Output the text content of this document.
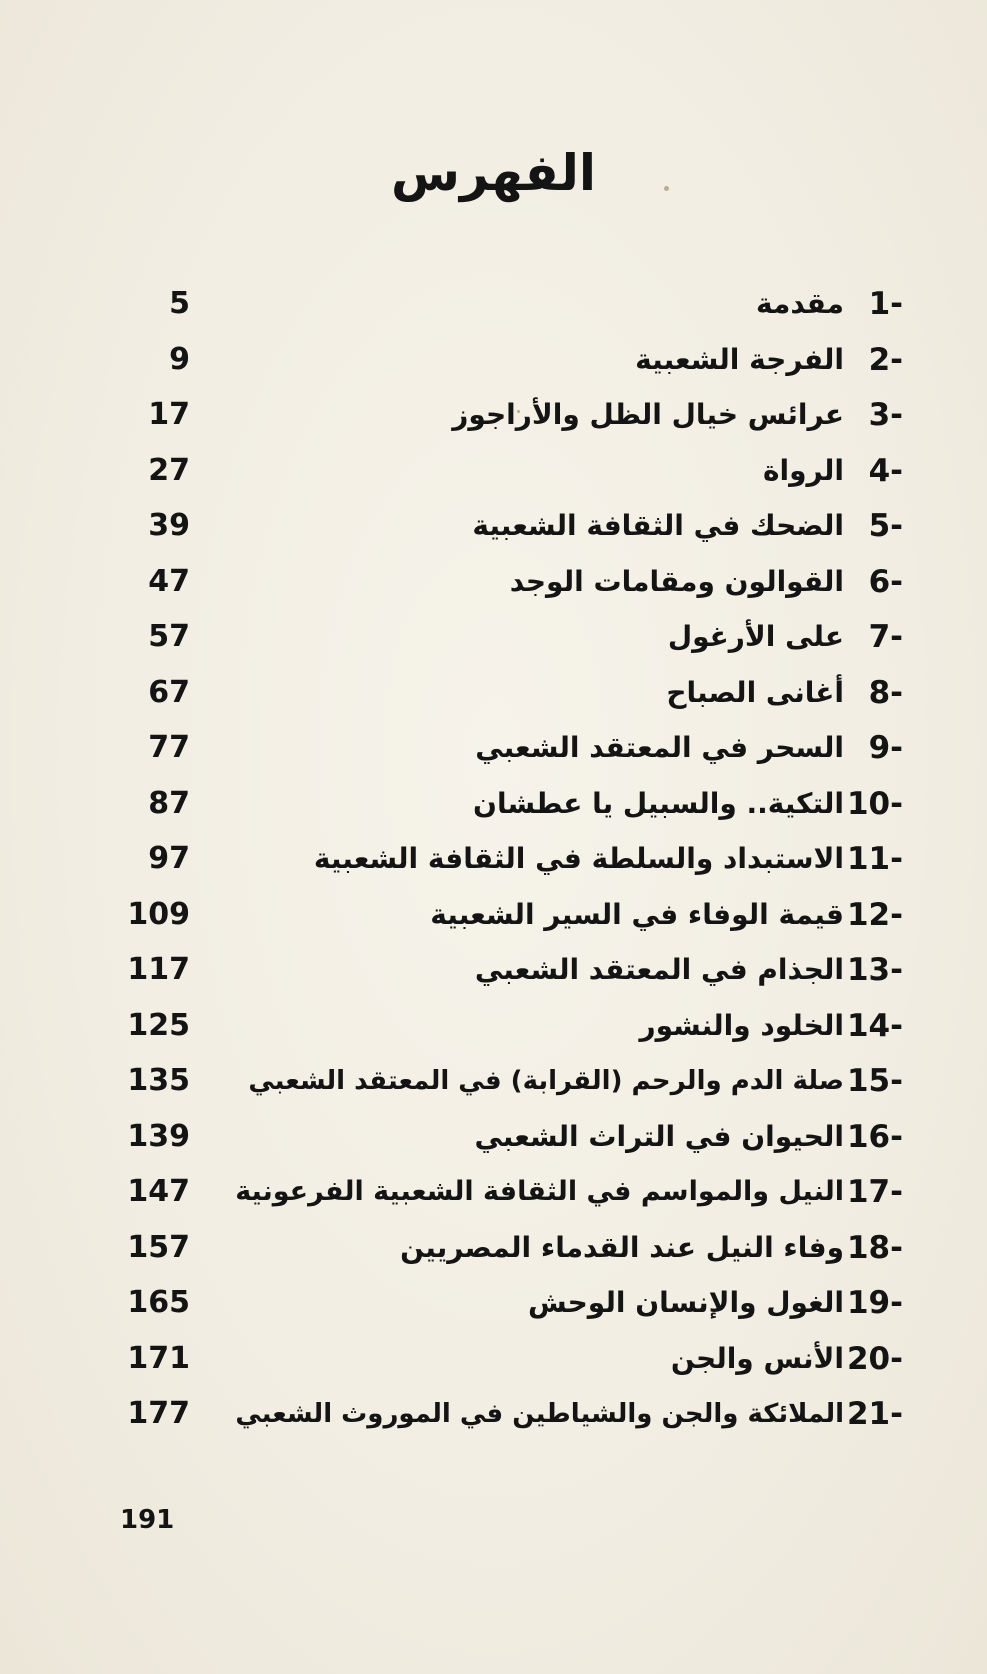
الفهرس
1-
مقدمة
5
2-
الفرجة الشعبية
9
3-
عرائس خيال الظل والأراجوز
17
4-
الرواة
27
5-
الضحك في الثقافة الشعبية
39
6-
القوالون ومقامات الوجد
47
7-
على الأرغول
57
8-
أغانى الصباح
67
9-
السحر في المعتقد الشعبي
77
10-
التكية.. والسبيل يا عطشان
87
11-
الاستبداد والسلطة في الثقافة الشعبية
97
12-
قيمة الوفاء في السير الشعبية
109
13-
الجذام في المعتقد الشعبي
117
14-
الخلود والنشور
125
15-
صلة الدم والرحم (القرابة) في المعتقد الشعبي
135
16-
الحيوان في التراث الشعبي
139
17-
النيل والمواسم في الثقافة الشعبية الفرعونية
147
18-
وفاء النيل عند القدماء المصريين
157
19-
الغول والإنسان الوحش
165
20-
الأنس والجن
171
21-
الملائكة والجن والشياطين في الموروث الشعبي
177
191
